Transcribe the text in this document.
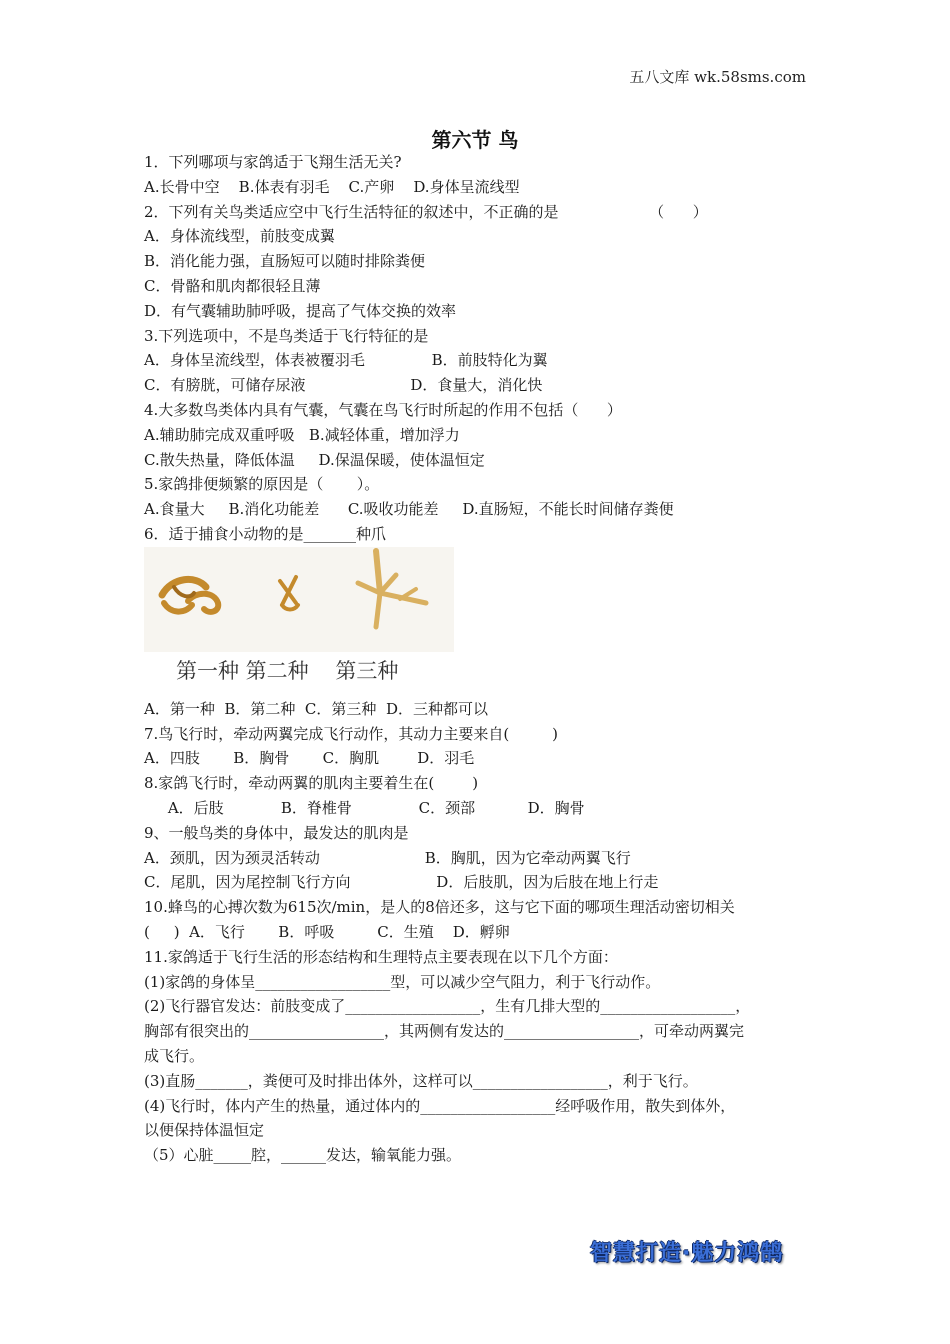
五八文库 wk.58sms.com
第六节 鸟
1．下列哪项与家鸽适于飞翔生活无关?
A.长骨中空    B.体表有羽毛    C.产卵    D.身体呈流线型
2．下列有关鸟类适应空中飞行生活特征的叙述中，不正确的是                   （      ）
A．身体流线型，前肢变成翼
B．消化能力强，直肠短可以随时排除粪便
C．骨骼和肌肉都很轻且薄
D．有气囊辅助肺呼吸，提高了气体交换的效率
3.下列选项中，不是鸟类适于飞行特征的是
A．身体呈流线型，体表被覆羽毛              B．前肢特化为翼
C．有膀胱，可储存尿液                      D．食量大，消化快
4.大多数鸟类体内具有气囊，气囊在鸟飞行时所起的作用不包括（      ）
A.辅助肺完成双重呼吸   B.减轻体重，增加浮力
C.散失热量，降低体温     D.保温保暖，使体温恒定
5.家鸽排便频繁的原因是（       ）。
A.食量大     B.消化功能差      C.吸收功能差     D.直肠短，不能长时间储存粪便
6．适于捕食小动物的是_______种爪
第一种 第二种    第三种
A．第一种  B．第二种  C．第三种  D．三种都可以
7.鸟飞行时，牵动两翼完成飞行动作，其动力主要来自(         )
A．四肢       B．胸骨       C．胸肌        D．羽毛
8.家鸽飞行时，牵动两翼的肌肉主要着生在(        )
A．后肢            B．脊椎骨              C．颈部           D．胸骨
9、一般鸟类的身体中，最发达的肌肉是
A．颈肌，因为颈灵活转动                      B．胸肌，因为它牵动两翼飞行
C．尾肌，因为尾控制飞行方向                  D．后肢肌，因为后肢在地上行走
10.蜂鸟的心搏次数为615次/min，是人的8倍还多，这与它下面的哪项生理活动密切相关
(     )  A．飞行       B．呼吸         C．生殖    D．孵卵
11.家鸽适于飞行生活的形态结构和生理特点主要表现在以下几个方面：
(1)家鸽的身体呈__________________型，可以减少空气阻力，利于飞行动作。
(2)飞行器官发达：前肢变成了__________________，生有几排大型的__________________，
胸部有很突出的__________________，其两侧有发达的__________________，可牵动两翼完
成飞行。
(3)直肠_______，粪便可及时排出体外，这样可以__________________，利于飞行。
(4)飞行时，体内产生的热量，通过体内的__________________经呼吸作用，散失到体外，
以便保持体温恒定
（5）心脏_____腔，______发达，输氧能力强。
智慧打造·魅力鸿鹄
